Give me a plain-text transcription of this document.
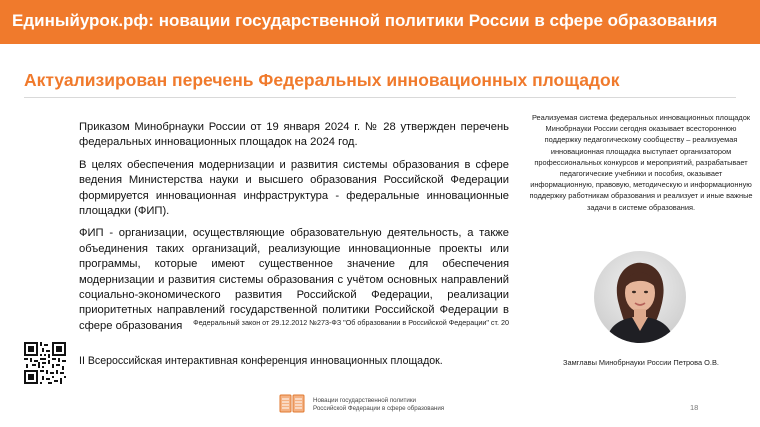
Единыйурок.рф: новации государственной политики России в сфере образования
Актуализирован перечень Федеральных инновационных площадок

Приказом Минобрнауки России от 19 января 2024 г. № 28 утвержден перечень федеральных инновационных площадок на 2024 год.

В целях обеспечения модернизации и развития системы образования в сфере ведения Министерства науки и высшего образования Российской Федерации формируется инновационная инфраструктура - федеральные инновационные площадки (ФИП).

ФИП - организации, осуществляющие образовательную деятельность, а также объединения таких организаций, реализующие инновационные проекты или программы, которые имеют существенное значение для обеспечения модернизации и развития системы образования с учётом основных направлений социально-экономического развития Российской Федерации, реализации приоритетных направлений государственной политики Российской Федерации в сфере образования	Федеральный закон от 29.12.2012 №273-ФЗ "Об образовании в Российской Федерации" ст. 20
II Всероссийская интерактивная конференция инновационных площадок.
Реализуемая система федеральных инновационных площадок Минобрнауки России сегодня оказывает всестороннюю поддержку педагогическому сообществу – реализуемая инновационная площадка выступает организатором профессиональных конкурсов и мероприятий, разрабатывает педагогические учебники и пособия, оказывает информационную, правовую, методическую и информационную поддержку работникам образования и реализует и иные важные задачи в системе образования.
Замглавы Минобрнауки России Петрова О.В.
Новации государственной политики
Российской Федерации в сфере образования	18
